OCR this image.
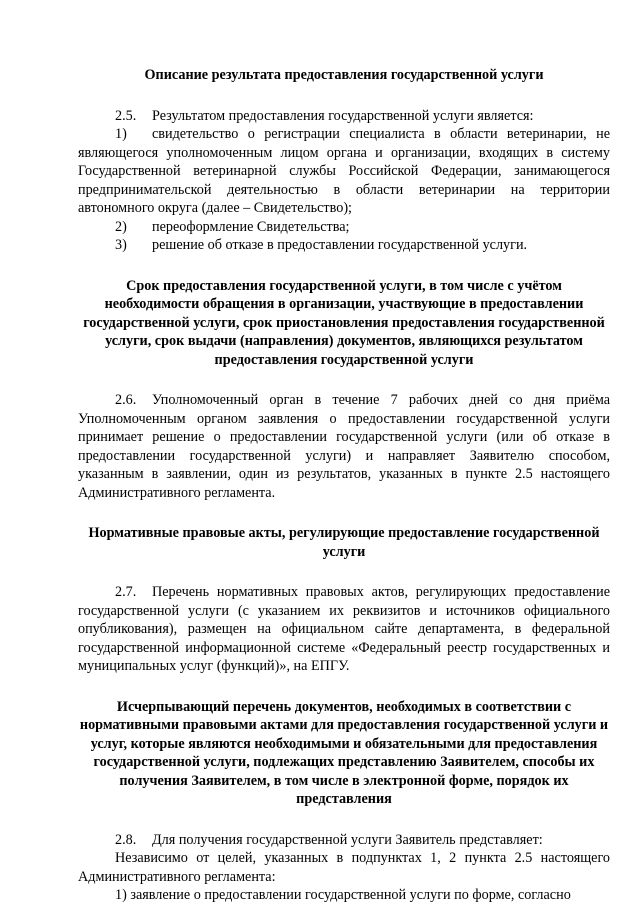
Описание результата предоставления государственной услуги

2.5. Результатом предоставления государственной услуги является:

1) свидетельство о регистрации специалиста в области ветеринарии, не являющегося уполномоченным лицом органа и организации, входящих в систему Государственной ветеринарной службы Российской Федерации, занимающегося предпринимательской деятельностью в области ветеринарии на территории автономного округа (далее – Свидетельство);

2) переоформление Свидетельства;

3) решение об отказе в предоставлении государственной услуги.

Срок предоставления государственной услуги, в том числе с учётом необходимости обращения в организации, участвующие в предоставлении государственной услуги, срок приостановления предоставления государственной услуги, срок выдачи (направления) документов, являющихся результатом предоставления государственной услуги

2.6. Уполномоченный орган в течение 7 рабочих дней со дня приёма Уполномоченным органом заявления о предоставлении государственной услуги принимает решение о предоставлении государственной услуги (или об отказе в предоставлении государственной услуги) и направляет Заявителю способом, указанным в заявлении, один из результатов, указанных в пункте 2.5 настоящего Административного регламента.

Нормативные правовые акты, регулирующие предоставление государственной услуги

2.7. Перечень нормативных правовых актов, регулирующих предоставление государственной услуги (с указанием их реквизитов и источников официального опубликования), размещен на официальном сайте департамента, в федеральной государственной информационной системе «Федеральный реестр государственных и муниципальных услуг (функций)», на ЕПГУ.

Исчерпывающий перечень документов, необходимых в соответствии с нормативными правовыми актами для предоставления государственной услуги и услуг, которые являются необходимыми и обязательными для предоставления государственной услуги, подлежащих представлению Заявителем, способы их получения Заявителем, в том числе в электронной форме, порядок их представления

2.8. Для получения государственной услуги Заявитель представляет:

Независимо от целей, указанных в подпунктах 1, 2 пункта 2.5 настоящего Административного регламента:

1) заявление о предоставлении государственной услуги по форме, согласно
